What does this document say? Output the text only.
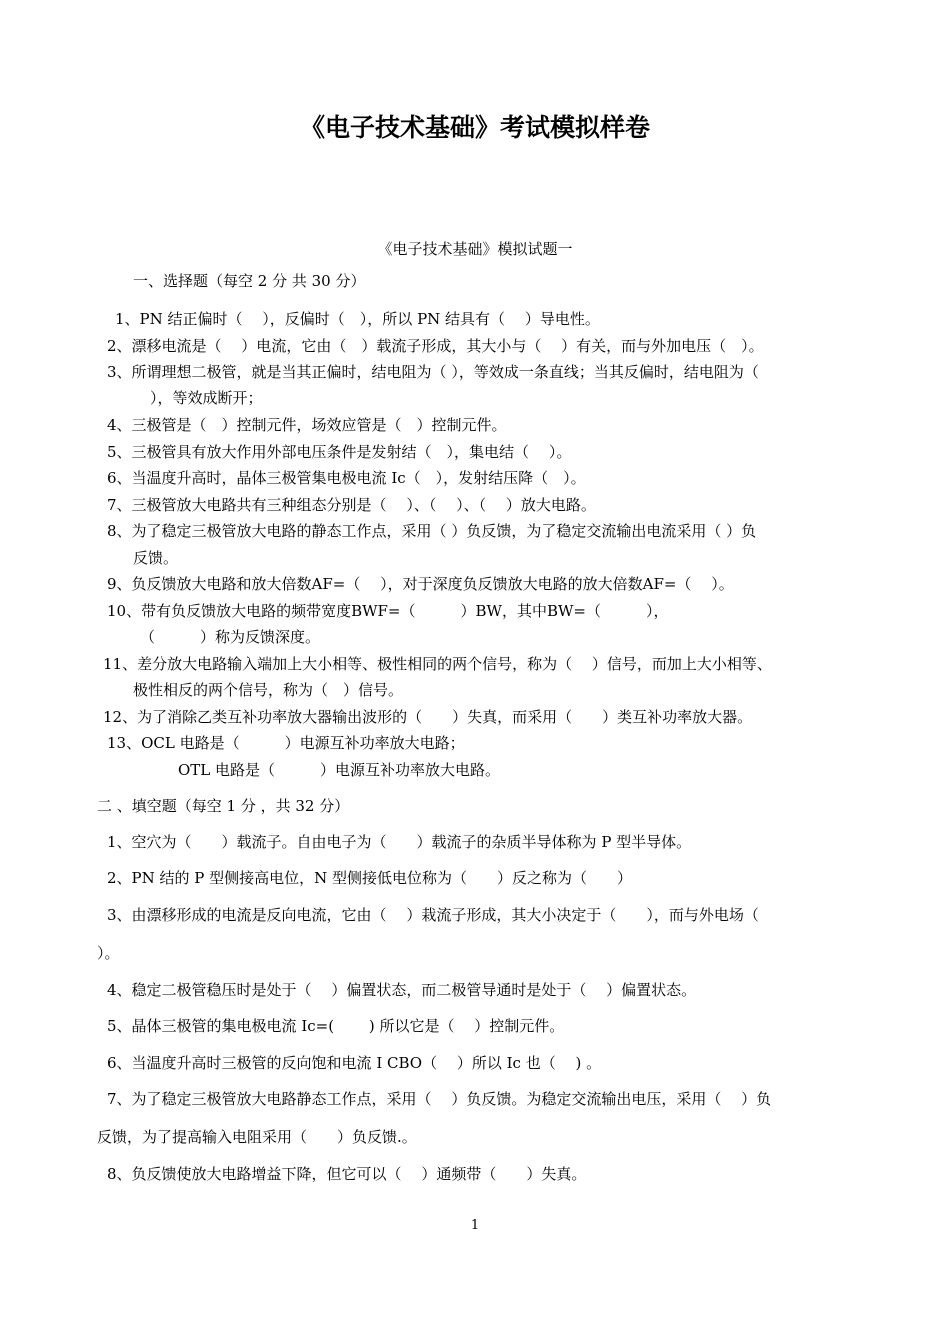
《电子技术基础》考试模拟样卷
《电子技术基础》模拟试题一
一、选择题（每空 2 分 共 30 分）
1、PN 结正偏时（　 ），反偏时（　），所以 PN 结具有（　 ）导电性。
2、漂移电流是（　 ）电流，它由（　）载流子形成，其大小与（　 ）有关，而与外加电压（　）。
3、所谓理想二极管，就是当其正偏时，结电阻为（ ），等效成一条直线；当其反偏时，结电阻为（
），等效成断开；
4、三极管是（　）控制元件，场效应管是（　）控制元件。
5、三极管具有放大作用外部电压条件是发射结（　），集电结（　 ）。
6、当温度升高时，晶体三极管集电极电流 Ic（　），发射结压降（　）。
7、三极管放大电路共有三种组态分别是（　 ）、（　 ）、（　 ）放大电路。
8、为了稳定三极管放大电路的静态工作点，采用（ ）负反馈，为了稳定交流输出电流采用（ ）负
反馈。
9、负反馈放大电路和放大倍数AF=（　 ），对于深度负反馈放大电路的放大倍数AF=（　 ）。
10、带有负反馈放大电路的频带宽度BWF=（　　　）BW，其中BW=（　　　），
（　　　）称为反馈深度。
11、差分放大电路输入端加上大小相等、极性相同的两个信号，称为（　 ）信号，而加上大小相等、
极性相反的两个信号，称为（　）信号。
12、为了消除乙类互补功率放大器输出波形的（　　）失真，而采用（　　）类互补功率放大器。
13、OCL 电路是（　　　）电源互补功率放大电路；
OTL 电路是（　　　）电源互补功率放大电路。
二 、填空题（每空 1 分 ，共 32 分）
1、空穴为（　　）载流子。自由电子为（　　）载流子的杂质半导体称为 P 型半导体。
2、PN 结的 P 型侧接高电位，N 型侧接低电位称为（　　）反之称为（　　）
3、由漂移形成的电流是反向电流，它由（　 ）栽流子形成，其大小决定于（　　），而与外电场（
）。
4、稳定二极管稳压时是处于（　 ）偏置状态，而二极管导通时是处于（　 ）偏置状态。
5、晶体三极管的集电极电流 Ic=(　　 ) 所以它是（　 ）控制元件。
6、当温度升高时三极管的反向饱和电流 I CBO（　 ）所以 Ic 也（　 ) 。
7、为了稳定三极管放大电路静态工作点，采用（　 ）负反馈。为稳定交流输出电压，采用（　 ）负
反馈，为了提高输入电阻采用（　　）负反馈.。
8、负反馈使放大电路增益下降，但它可以（　 ）通频带（　　）失真。
1
